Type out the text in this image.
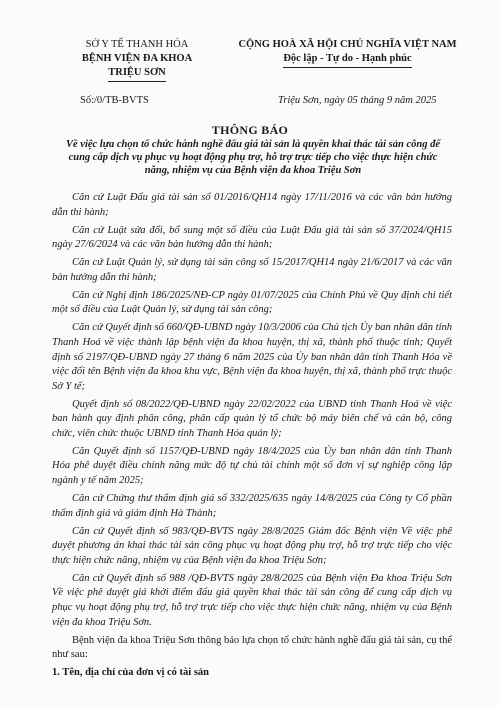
SỞ Y TẾ THANH HÓA
BỆNH VIỆN ĐA KHOA
TRIỆU SƠN
CỘNG HOÀ XÃ HỘI CHỦ NGHĨA VIỆT NAM
Độc lập - Tự do - Hạnh phúc
Số:/0/TB-BVTS	Triệu Sơn, ngày 05 tháng 9 năm 2025
THÔNG BÁO
Về việc lựa chọn tổ chức hành nghề đấu giá tài sản là quyền khai thác tài sản công để cung cấp dịch vụ phục vụ hoạt động phụ trợ, hỗ trợ trực tiếp cho việc thực hiện chức năng, nhiệm vụ của Bệnh viện đa khoa Triệu Sơn

Căn cứ Luật Đấu giá tài sản số 01/2016/QH14 ngày 17/11/2016 và các văn bản hướng dẫn thi hành;

Căn cứ Luật sửa đổi, bổ sung một số điều của Luật Đấu giá tài sản số 37/2024/QH15 ngày 27/6/2024 và các văn bản hướng dẫn thi hành;

Căn cứ Luật Quản lý, sử dụng tài sản công số 15/2017/QH14 ngày 21/6/2017 và các văn bản hướng dẫn thi hành;

Căn cứ Nghị định 186/2025/NĐ-CP ngày 01/07/2025 của Chính Phủ về Quy định chi tiết một số điều của Luật Quản lý, sử dụng tài sản công;

Căn cứ Quyết định số 660/QĐ-UBND ngày 10/3/2006 của Chủ tịch Ủy ban nhân dân tỉnh Thanh Hoá về việc thành lập bệnh viện đa khoa huyện, thị xã, thành phố thuộc tỉnh; Quyết định số 2197/QĐ-UBND ngày 27 tháng 6 năm 2025 của Ủy ban nhân dân tỉnh Thanh Hóa về việc đổi tên Bệnh viện đa khoa khu vực, Bệnh viện đa khoa huyện, thị xã, thành phố trực thuộc Sở Y tế;

Quyết định số 08/2022/QĐ-UBND ngày 22/02/2022 của UBND tỉnh Thanh Hoá về việc ban hành quy định phân công, phân cấp quản lý tổ chức bộ máy biên chế và cán bộ, công chức, viên chức thuộc UBND tỉnh Thanh Hóa quản lý;

Căn Quyết định số 1157/QĐ-UBND ngày 18/4/2025 của Ủy ban nhân dân tỉnh Thanh Hóa phê duyệt điều chỉnh năng mức độ tự chủ tài chính một số đơn vị sự nghiệp công lập ngành y tế năm 2025;

Căn cứ Chứng thư thẩm định giá số 332/2025/635 ngày 14/8/2025 của Công ty Cổ phần thẩm định giá và giám định Hà Thành;

Căn cứ Quyết định số 983/QĐ-BVTS ngày 28/8/2025 Giám đốc Bệnh viện Về việc phê duyệt phương án khai thác tài sản công phục vụ hoạt động phụ trợ, hỗ trợ trực tiếp cho việc thực hiện chức năng, nhiệm vụ của Bệnh viện đa khoa Triệu Sơn;

Căn cứ Quyết định số 988 /QĐ-BVTS ngày 28/8/2025 của Bệnh viện Đa khoa Triệu Sơn Về việc phê duyệt giá khởi điểm đấu giá quyền khai thác tài sản công để cung cấp dịch vụ phục vụ hoạt động phụ trợ, hỗ trợ trực tiếp cho việc thực hiện chức năng, nhiệm vụ của Bệnh viện đa khoa Triệu Sơn.

Bệnh viện đa khoa Triệu Sơn thông báo lựa chọn tổ chức hành nghề đấu giá tài sản, cụ thể như sau:

1. Tên, địa chỉ của đơn vị có tài sản
